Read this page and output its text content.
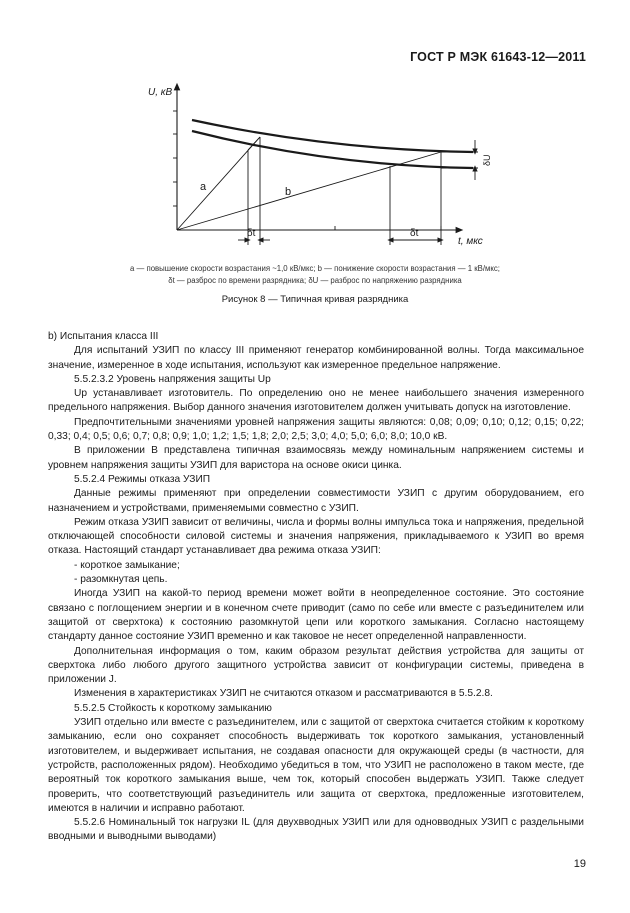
ГОСТ Р МЭК 61643-12—2011
U, кВ
t, мкс
a	b
δt	δt
δU
a — повышение скорости возрастания ~1,0 кВ/мкс; b — понижение скорости возрастания — 1 кВ/мкс;
δt — разброс по времени разрядника; δU — разброс по напряжению разрядника
Рисунок 8 — Типичная кривая разрядника

b) Испытания класса III

Для испытаний УЗИП по классу III применяют генератор комбинированной волны. Тогда максимальное значение, измеренное в ходе испытания, используют как измеренное предельное напряжение.

5.5.2.3.2 Уровень напряжения защиты Up

Up устанавливает изготовитель. По определению оно не менее наибольшего значения измеренного предельного напряжения. Выбор данного значения изготовителем должен учитывать допуск на изготовление.

Предпочтительными значениями уровней напряжения защиты являются: 0,08; 0,09; 0,10; 0,12; 0,15; 0,22; 0,33; 0,4; 0,5; 0,6; 0,7; 0,8; 0,9; 1,0; 1,2; 1,5; 1,8; 2,0; 2,5; 3,0; 4,0; 5,0; 6,0; 8,0; 10,0 кВ.

В приложении В представлена типичная взаимосвязь между номинальным напряжением системы и уровнем напряжения защиты УЗИП для варистора на основе окиси цинка.

5.5.2.4 Режимы отказа УЗИП

Данные режимы применяют при определении совместимости УЗИП с другим оборудованием, его назначением и устройствами, применяемыми совместно с УЗИП.

Режим отказа УЗИП зависит от величины, числа и формы волны импульса тока и напряжения, предельной отключающей способности силовой системы и значения напряжения, прикладываемого к УЗИП во время отказа. Настоящий стандарт устанавливает два режима отказа УЗИП:

- короткое замыкание;

- разомкнутая цепь.

Иногда УЗИП на какой-то период времени может войти в неопределенное состояние. Это состояние связано с поглощением энергии и в конечном счете приводит (само по себе или вместе с разъединителем или защитой от сверхтока) к состоянию разомкнутой цепи или короткого замыкания. Согласно настоящему стандарту данное состояние УЗИП временно и как таковое не несет определенной направленности.

Дополнительная информация о том, каким образом результат действия устройства для защиты от сверхтока либо любого другого защитного устройства зависит от конфигурации системы, приведена в приложении J.

Изменения в характеристиках УЗИП не считаются отказом и рассматриваются в 5.5.2.8.

5.5.2.5 Стойкость к короткому замыканию

УЗИП отдельно или вместе с разъединителем, или с защитой от сверхтока считается стойким к короткому замыканию, если оно сохраняет способность выдерживать ток короткого замыкания, установленный изготовителем, и выдерживает испытания, не создавая опасности для окружающей среды (в частности, для устройств, расположенных рядом). Необходимо убедиться в том, что УЗИП не расположено в таком месте, где вероятный ток короткого замыкания выше, чем ток, который способен выдержать УЗИП. Также следует проверить, что соответствующий разъединитель или защита от сверхтока, предложенные изготовителем, имеются в наличии и исправно работают.

5.5.2.6 Номинальный ток нагрузки IL (для двухвводных УЗИП или для одновводных УЗИП с раздельными вводными и выводными выводами)

19
